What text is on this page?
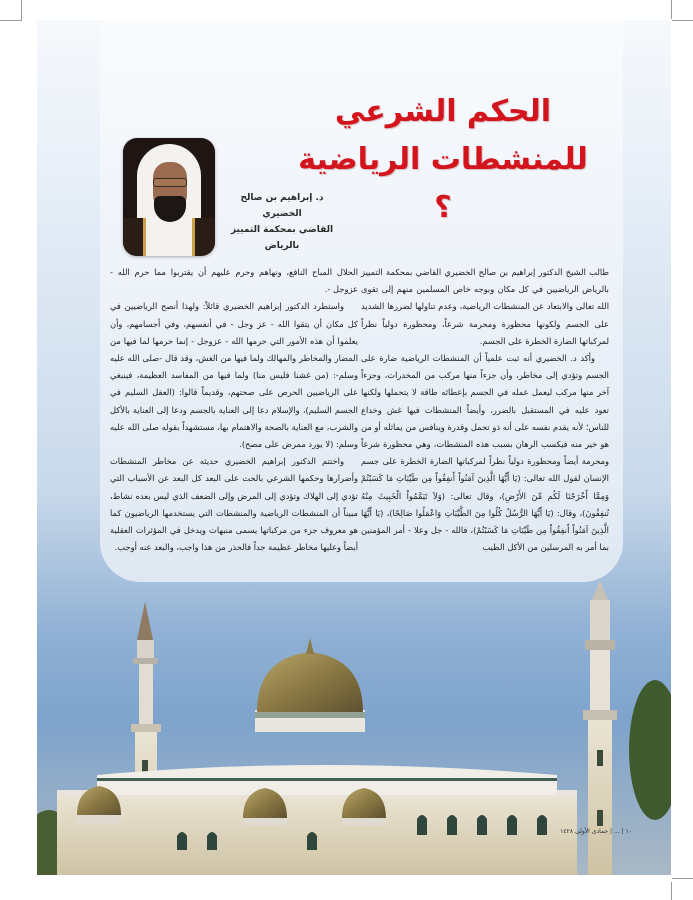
الحكم الشرعي
للمنشطات الرياضية ؟
د. إبراهيم بن صالح الخضيري
القاضي بمحكمة التمييز بالرياض

طالب الشيخ الدكتور إبراهيم بن صالح الخضيري القاضي بمحكمة التمييز بالرياض الرياضيين في كل مكان وبوجه خاص المسلمين منهم إلى تقوى الله تعالى والابتعاد عن المنشطات الرياضية، وعدم تناولها لضررها الشديد على الجسم ولكونها محظورة ومحرمة شرعاً، ومحظورة دولياً نظراً لمركباتها الضارة الخطرة على الجسم.

وأكد د. الخضيري أنه ثبت علمياً أن المنشطات الرياضية ضارة على الجسم وتؤدي إلى مخاطر، وأن جزءاً منها مركب من المخدرات، وجزءاً آخر منها مركب ليعمل عمله في الجسم بإعطائه طاقة لا يتحملها ولكنها تعود عليه في المستقبل بالضرر، وأيضاً المنشطات فيها غش وخداع للناس؛ لأنه يقدم نفسه على أنه ذو تحمل وقدرة وينافس من يماثله أو من هو خير منه فيكسب الرهان بسبب هذه المنشطات، وهي محظورة شرعاً ومحرمة أيضاً ومحظورة دولياً نظراً لمركباتها الضارة الخطرة على جسم الإنسان لقول الله تعالى: (يَا أَيُّهَا الَّذِينَ آمَنُواْ أَنفِقُواْ مِن طَيِّبَاتِ مَا كَسَبْتُمْ وَمِمَّا أَخْرَجْنَا لَكُم مِّنَ الأَرْضِ)، وقال تعالى: (وَلاَ تَيَمَّمُواْ الْخَبِيثَ مِنْهُ تُنفِقُونَ)، وقال: (يَا أَيُّهَا الرُّسُلُ كُلُوا مِنَ الطَّيِّبَاتِ وَاعْمَلُوا صَالِحًا)، (يَا أَيُّهَا الَّذِينَ آمَنُواْ أَنفِقُواْ مِن طَيِّبَاتِ مَا كَسَبْتُمْ)، فالله - جل وعلا - أمر المؤمنين بما أمر به المرسلين من الأكل الطيب

الحلال المباح النافع، ونهاهم وحرم عليهم أن يقتربوا مما حرم الله - عزوجل -.

واستطرد الدكتور إبراهيم الخضيري قائلاً: ولهذا أنصح الرياضيين في كل مكان أن يتقوا الله - عز وجل - في أنفسهم، وفي أجسامهم، وأن يعلموا أن هذه الأمور التي حرمها الله - عزوجل - إنما حرمها لما فيها من المضار والمخاطر والمهالك ولما فيها من الغش، وقد قال -صلى الله عليه وسلم-: (من غشنا فليس منا) ولما فيها من المفاسد العظيمة، فينبغي على الرياضيين الحرص على صحتهم، وقديماً قالوا: (العقل السليم في الجسم السليم)، والإسلام دعا إلى العناية بالجسم ودعا إلى العناية بالأكل والشرب، مع العناية بالصحة والاهتمام بها، مستشهداً بقوله صلى الله عليه وسلم: (لا يورد ممرض على مصح).

واختتم الدكتور إبراهيم الخضيري حديثه عن مخاطر المنشطات وأضرارها وحكمها الشرعي بالحث على البعد كل البعد عن الأسباب التي تؤدي إلى الهلاك وتؤدي إلى المرض وإلى الضعف الذي ليس بعده نشاط، مبيناً أن المنشطات الرياضية والمنشطات التي يستخدمها الرياضيون كما هو معروف جزء من مركباتها يسمى منبهات ويدخل في المؤثرات العقلية أيضاً وعليها مخاطر عظيمة جداً فالحذر من هذا واجب، والبعد عنه أوجب.

١٠ | ... | جمادى الأولى ١٤٢٨
